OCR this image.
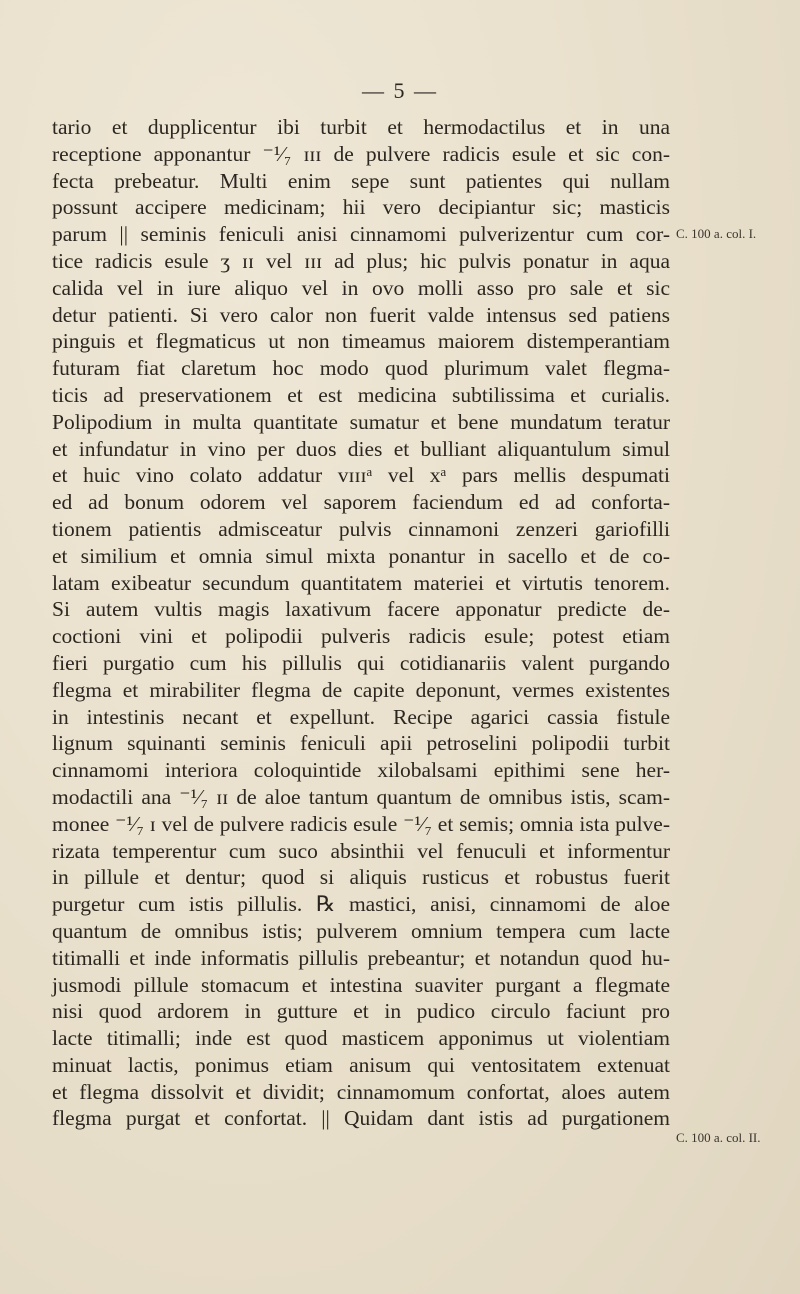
— 5 —
tario et dupplicentur ibi turbit et hermodactilus et in una
receptione apponantur ⁻¹⁄₇ ɪɪɪ de pulvere radicis esule et sic con-
fecta prebeatur. Multi enim sepe sunt patientes qui nullam
possunt accipere medicinam; hii vero decipiantur sic; masticis
parum || seminis feniculi anisi cinnamomi pulverizentur cum cor-
tice radicis esule ʒ ɪɪ vel ɪɪɪ ad plus; hic pulvis ponatur in aqua
calida vel in iure aliquo vel in ovo molli asso pro sale et sic
detur patienti. Si vero calor non fuerit valde intensus sed patiens
pinguis et flegmaticus ut non timeamus maiorem distemperantiam
futuram fiat claretum hoc modo quod plurimum valet flegma-
ticis ad preservationem et est medicina subtilissima et curialis.
Polipodium in multa quantitate sumatur et bene mundatum teratur
et infundatur in vino per duos dies et bulliant aliquantulum simul
et huic vino colato addatur ᴠɪɪɪᵃ vel xᵃ pars mellis despumati
ed ad bonum odorem vel saporem faciendum ed ad conforta-
tionem patientis admisceatur pulvis cinnamoni zenzeri gariofilli
et similium et omnia simul mixta ponantur in sacello et de co-
latam exibeatur secundum quantitatem materiei et virtutis tenorem.
Si autem vultis magis laxativum facere apponatur predicte de-
coctioni vini et polipodii pulveris radicis esule; potest etiam
fieri purgatio cum his pillulis qui cotidianariis valent purgando
flegma et mirabiliter flegma de capite deponunt, vermes existentes
in intestinis necant et expellunt. Recipe agarici cassia fistule
lignum squinanti seminis feniculi apii petroselini polipodii turbit
cinnamomi interiora coloquintide xilobalsami epithimi sene her-
modactili ana ⁻¹⁄₇ ɪɪ de aloe tantum quantum de omnibus istis, scam-
monee ⁻¹⁄₇ ɪ vel de pulvere radicis esule ⁻¹⁄₇ et semis; omnia ista pulve-
rizata temperentur cum suco absinthii vel fenuculi et informentur
in pillule et dentur; quod si aliquis rusticus et robustus fuerit
purgetur cum istis pillulis. ℞ mastici, anisi, cinnamomi de aloe
quantum de omnibus istis; pulverem omnium tempera cum lacte
titimalli et inde informatis pillulis prebeantur; et notandun quod hu-
jusmodi pillule stomacum et intestina suaviter purgant a flegmate
nisi quod ardorem in gutture et in pudico circulo faciunt pro
lacte titimalli; inde est quod masticem apponimus ut violentiam
minuat lactis, ponimus etiam anisum qui ventositatem extenuat
et flegma dissolvit et dividit; cinnamomum confortat, aloes autem
flegma purgat et confortat. || Quidam dant istis ad purgationem
C. 100 a. col. I.
C. 100 a. col. II.
